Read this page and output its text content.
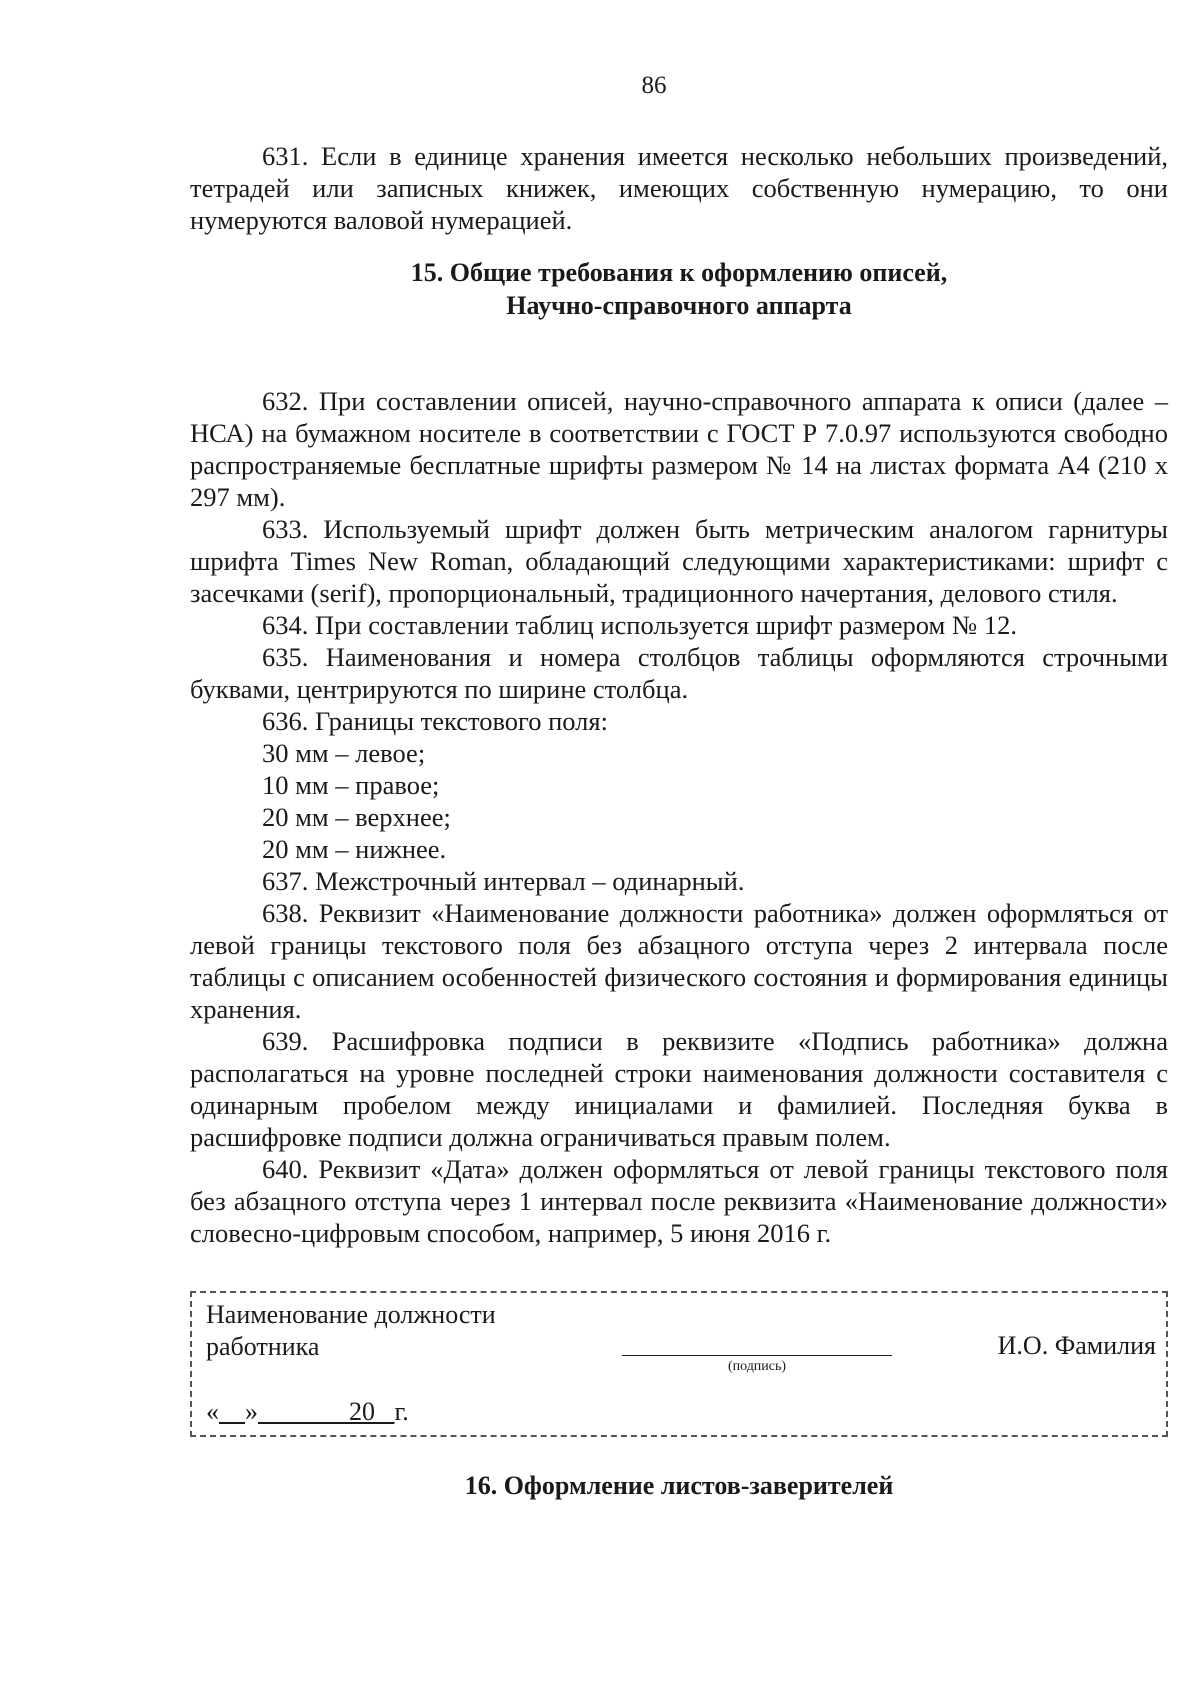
86

631. Если в единице хранения имеется несколько небольших произведений, тетрадей или записных книжек, имеющих собственную нумерацию, то они нумеруются валовой нумерацией.

15. Общие требования к оформлению описей,

Научно-справочного аппарта

632. При составлении описей, научно-справочного аппарата к описи (далее – НСА) на бумажном носителе в соответствии с ГОСТ Р 7.0.97 используются свободно распространяемые бесплатные шрифты размером № 14 на листах формата А4 (210 х 297 мм).

633. Используемый шрифт должен быть метрическим аналогом гарнитуры шрифта Times New Roman, обладающий следующими характеристиками: шрифт с засечками (serif), пропорциональный, традиционного начертания, делового стиля.

634. При составлении таблиц используется шрифт размером № 12.

635. Наименования и номера столбцов таблицы оформляются строчными буквами, центрируются по ширине столбца.

636. Границы текстового поля:

30 мм – левое;

10 мм – правое;

20 мм – верхнее;

20 мм – нижнее.

637. Межстрочный интервал – одинарный.

638. Реквизит «Наименование должности работника» должен оформляться от левой границы текстового поля без абзацного отступа через 2 интервала после таблицы с описанием особенностей физического состояния и формирования единицы хранения.

639. Расшифровка подписи в реквизите «Подпись работника» должна располагаться на уровне последней строки наименования должности составителя с одинарным пробелом между инициалами и фамилией. Последняя буква в расшифровке подписи должна ограничиваться правым полем.

640. Реквизит «Дата» должен оформляться от левой границы текстового поля без абзацного отступа через 1 интервал после реквизита «Наименование должности» словесно-цифровым способом, например, 5 июня 2016 г.

Наименование должности
работника
(подпись)
И.О. Фамилия
« »	20 г.

16. Оформление листов-заверителей
